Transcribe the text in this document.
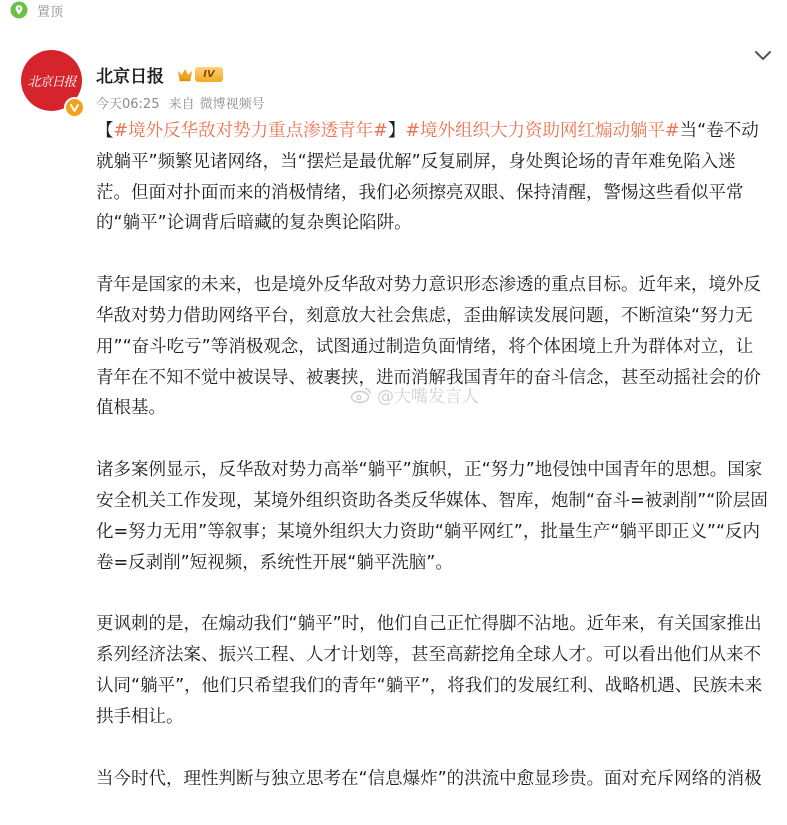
置顶
北京日报 北京日报	IV
今天06:25 来自 微博视频号

【#境外反华敌对势力重点渗透青年#】#境外组织大力资助网红煽动躺平#当“卷不动就躺平”频繁见诸网络，当“摆烂是最优解”反复刷屏，身处舆论场的青年难免陷入迷茫。但面对扑面而来的消极情绪，我们必须擦亮双眼、保持清醒，警惕这些看似平常的“躺平”论调背后暗藏的复杂舆论陷阱。

青年是国家的未来，也是境外反华敌对势力意识形态渗透的重点目标。近年来，境外反华敌对势力借助网络平台，刻意放大社会焦虑，歪曲解读发展问题，不断渲染“努力无用”“奋斗吃亏”等消极观念，试图通过制造负面情绪，将个体困境上升为群体对立，让青年在不知不觉中被误导、被裹挟，进而消解我国青年的奋斗信念，甚至动摇社会的价值根基。

诸多案例显示，反华敌对势力高举“躺平”旗帜，正“努力”地侵蚀中国青年的思想。国家安全机关工作发现，某境外组织资助各类反华媒体、智库，炮制“奋斗=被剥削”“阶层固化=努力无用”等叙事；某境外组织大力资助“躺平网红”，批量生产“躺平即正义”“反内卷=反剥削”短视频，系统性开展“躺平洗脑”。

更讽刺的是，在煽动我们“躺平”时，他们自己正忙得脚不沾地。近年来，有关国家推出系列经济法案、振兴工程、人才计划等，甚至高薪挖角全球人才。可以看出他们从来不认同“躺平”，他们只希望我们的青年“躺平”，将我们的发展红利、战略机遇、民族未来拱手相让。

当今时代，理性判断与独立思考在“信息爆炸”的洪流中愈显珍贵。面对充斥网络的消极

@大嘴发言人
